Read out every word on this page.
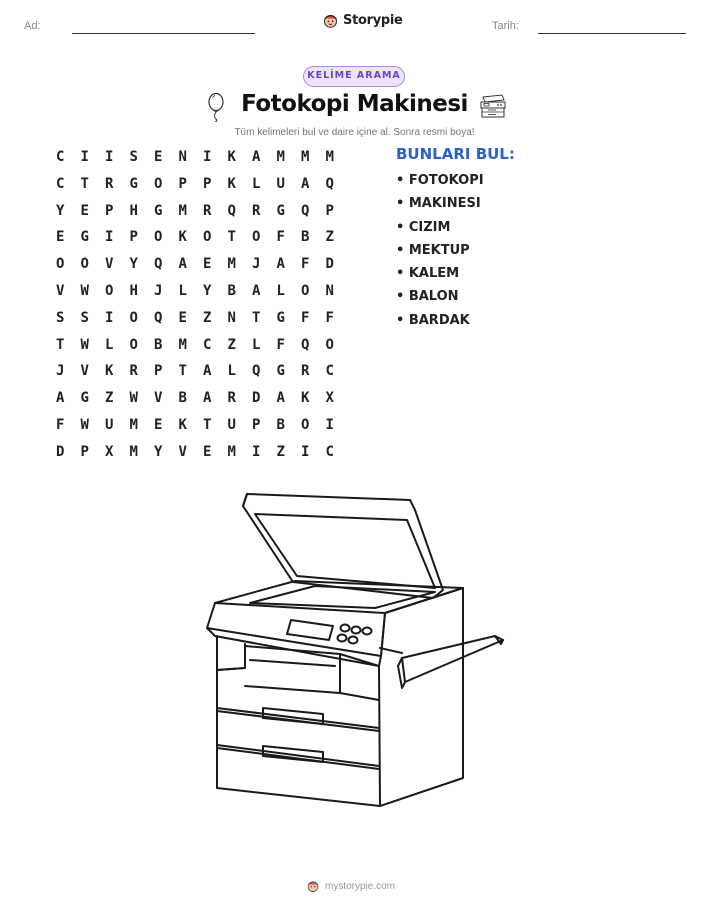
Ad:	Tarih:
Storypie
KELİME ARAMA
Fotokopi Makinesi
Tüm kelimeleri bul ve daire içine al. Sonra resmi boya!
C	I	I	S	E	N	I	K	A	M	M	M
C	T	R	G	O	P	P	K	L	U	A	Q
Y	E	P	H	G	M	R	Q	R	G	Q	P
E	G	I	P	O	K	O	T	O	F	B	Z
O	O	V	Y	Q	A	E	M	J	A	F	D
V	W	O	H	J	L	Y	B	A	L	O	N
S	S	I	O	Q	E	Z	N	T	G	F	F
T	W	L	O	B	M	C	Z	L	F	Q	O
J	V	K	R	P	T	A	L	Q	G	R	C
A	G	Z	W	V	B	A	R	D	A	K	X
F	W	U	M	E	K	T	U	P	B	O	I
D	P	X	M	Y	V	E	M	I	Z	I	C
BUNLARI BUL:
• FOTOKOPI
• MAKINESI
• CIZIM
• MEKTUP
• KALEM
• BALON
• BARDAK
mystorypie.com
